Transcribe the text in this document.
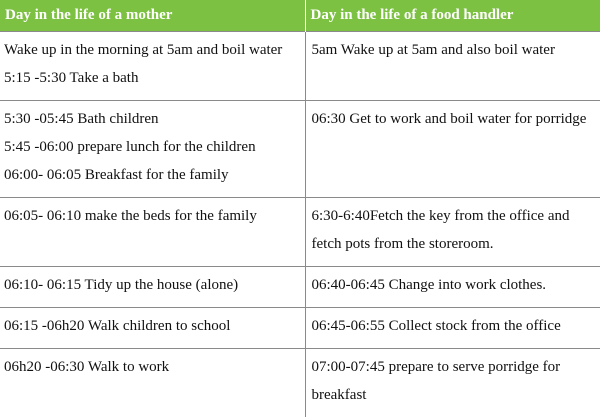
Day in the life of a mother	Day in the life of a food handler

Wake up in the morning at 5am and boil water
5:15 -5:30 Take a bath	5am Wake up at 5am and also boil water

5:30 -05:45 Bath children
5:45 -06:00 prepare lunch for the children
06:00- 06:05 Breakfast for the family	06:30 Get to work and boil water for porridge

06:05- 06:10 make the beds for the family	6:30-6:40Fetch the key from the office and
fetch pots from the storeroom.

06:10- 06:15 Tidy up the house (alone)	06:40-06:45 Change into work clothes.

06:15 -06h20 Walk children to school	06:45-06:55 Collect stock from the office

06h20 -06:30 Walk to work	07:00-07:45 prepare to serve porridge for
breakfast
